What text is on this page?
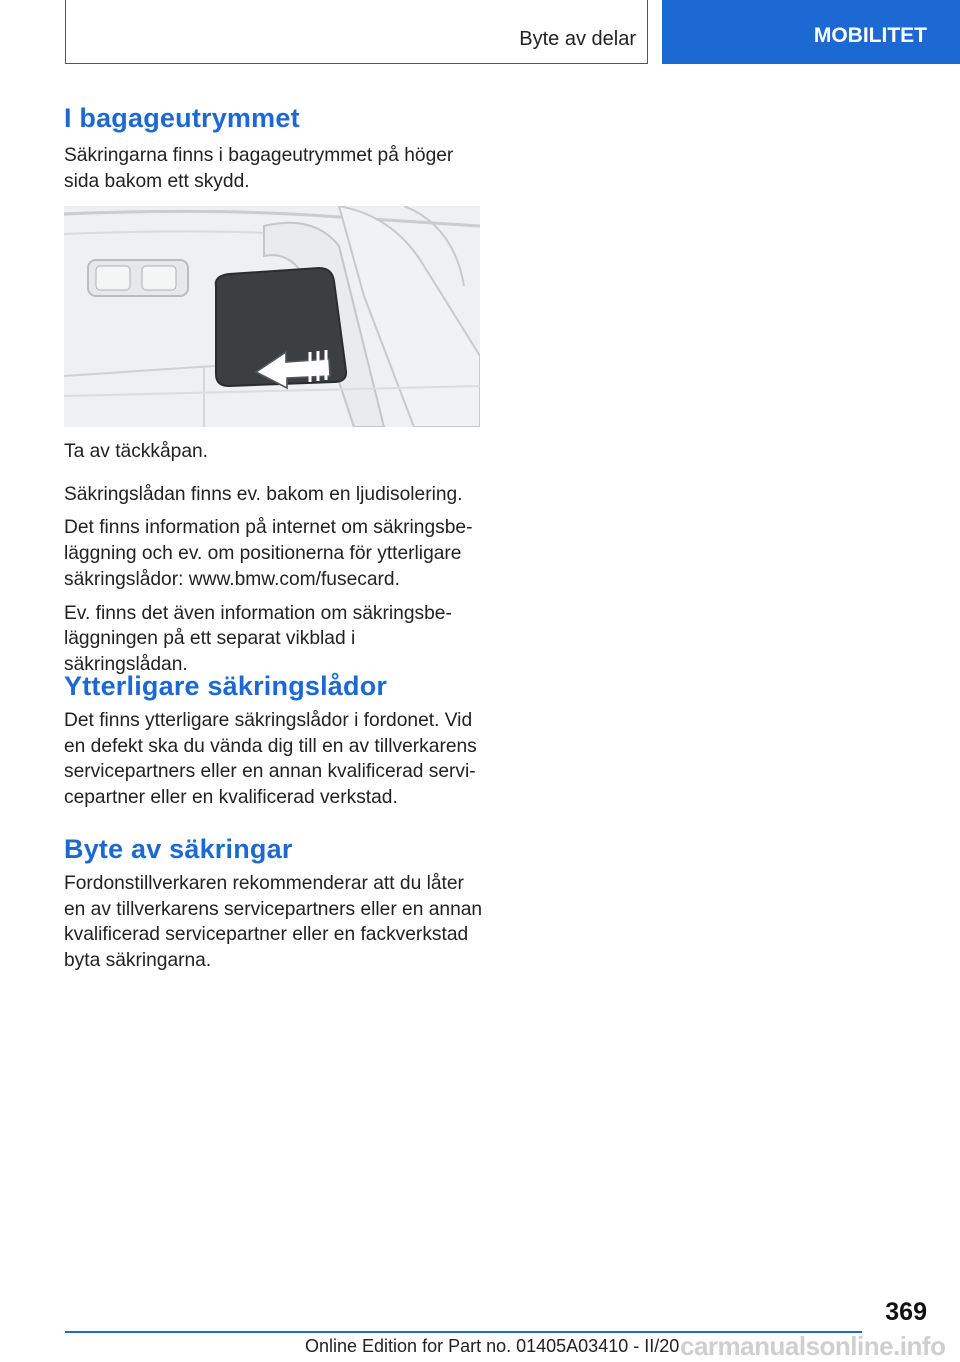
Byte av delar	MOBILITET
I bagageutrymmet

Säkringarna finns i bagageutrymmet på höger sida bakom ett skydd.

Ta av täckkåpan.

Säkringslådan finns ev. bakom en ljudisolering.

Det finns information på internet om säkringsbeläggning och ev. om positionerna för ytterligare säkringslådor: www.bmw.com/fusecard.

Ev. finns det även information om säkringsbeläggningen på ett separat vikblad i säkringslådan.

Ytterligare säkringslådor

Det finns ytterligare säkringslådor i fordonet. Vid en defekt ska du vända dig till en av tillverkarens servicepartners eller en annan kvalificerad servicepartner eller en kvalificerad verkstad.

Byte av säkringar

Fordonstillverkaren rekommenderar att du låter en av tillverkarens servicepartners eller en annan kvalificerad servicepartner eller en fackverkstad byta säkringarna.

369
Online Edition for Part no. 01405A03410 - II/20 carmanualsonline.info
